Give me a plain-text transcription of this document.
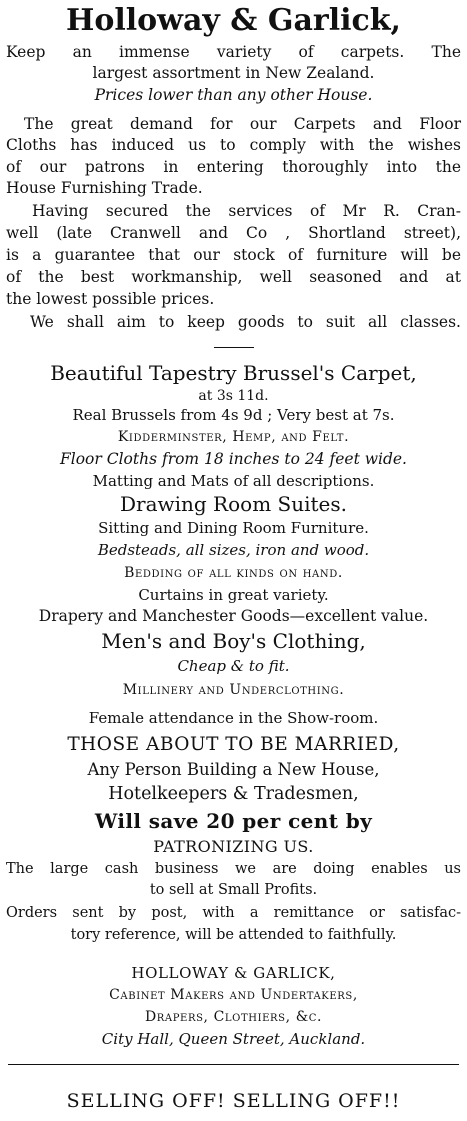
Holloway & Garlick,
Keep an immense variety of carpets. The
largest assortment in New Zealand.
Prices lower than any other House.
The great demand for our Carpets and Floor
Cloths has induced us to comply with the wishes
of our patrons in entering thoroughly into the
House Furnishing Trade.
Having secured the services of Mr R. Cran-
well (late Cranwell and Co , Shortland street),
is a guarantee that our stock of furniture will be
of the best workmanship, well seasoned and at
the lowest possible prices.
We shall aim to keep goods to suit all classes.
Beautiful Tapestry Brussel's Carpet,
at 3s 11d.
Real Brussels from 4s 9d ; Very best at 7s.
Kidderminster, Hemp, and Felt.
Floor Cloths from 18 inches to 24 feet wide.
Matting and Mats of all descriptions.
Drawing Room Suites.
Sitting and Dining Room Furniture.
Bedsteads, all sizes, iron and wood.
Bedding of all kinds on hand.
Curtains in great variety.
Drapery and Manchester Goods—excellent value.
Men's and Boy's Clothing,
Cheap & to fit.
Millinery and Underclothing.
Female attendance in the Show-room.
THOSE ABOUT TO BE MARRIED,
Any Person Building a New House,
Hotelkeepers & Tradesmen,
Will save 20 per cent by
PATRONIZING US.
The large cash business we are doing enables us
to sell at Small Profits.
Orders sent by post, with a remittance or satisfac-
tory reference, will be attended to faithfully.
HOLLOWAY & GARLICK,
Cabinet Makers and Undertakers,
Drapers, Clothiers, &c.
City Hall, Queen Street, Auckland.
SELLING OFF! SELLING OFF!!
